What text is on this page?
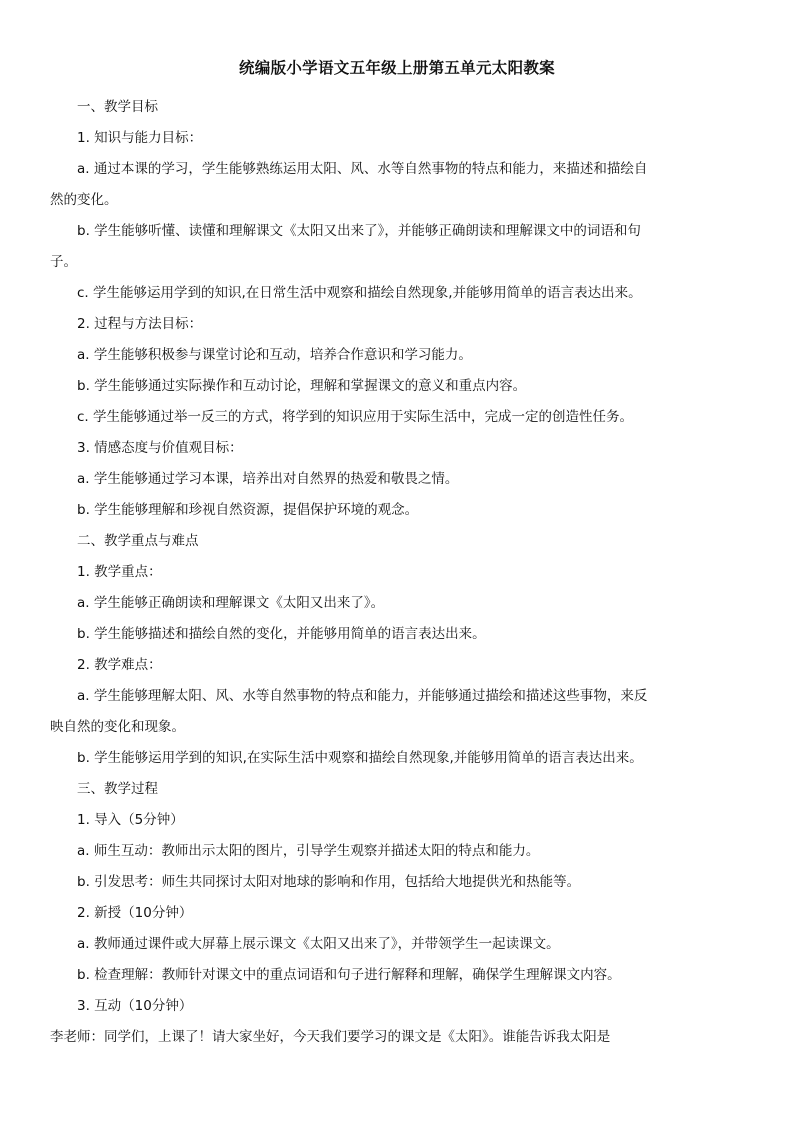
统编版小学语文五年级上册第五单元太阳教案
一、教学目标
1. 知识与能力目标：
a. 通过本课的学习，学生能够熟练运用太阳、风、水等自然事物的特点和能力，来描述和描绘自
然的变化。
b. 学生能够听懂、读懂和理解课文《太阳又出来了》，并能够正确朗读和理解课文中的词语和句
子。
c. 学生能够运用学到的知识,在日常生活中观察和描绘自然现象,并能够用简单的语言表达出来。
2. 过程与方法目标：
a. 学生能够积极参与课堂讨论和互动，培养合作意识和学习能力。
b. 学生能够通过实际操作和互动讨论，理解和掌握课文的意义和重点内容。
c. 学生能够通过举一反三的方式，将学到的知识应用于实际生活中，完成一定的创造性任务。
3. 情感态度与价值观目标：
a. 学生能够通过学习本课，培养出对自然界的热爱和敬畏之情。
b. 学生能够理解和珍视自然资源，提倡保护环境的观念。
二、教学重点与难点
1. 教学重点：
a. 学生能够正确朗读和理解课文《太阳又出来了》。
b. 学生能够描述和描绘自然的变化，并能够用简单的语言表达出来。
2. 教学难点：
a. 学生能够理解太阳、风、水等自然事物的特点和能力，并能够通过描绘和描述这些事物，来反
映自然的变化和现象。
b. 学生能够运用学到的知识,在实际生活中观察和描绘自然现象,并能够用简单的语言表达出来。
三、教学过程
1. 导入（5分钟）
a. 师生互动：教师出示太阳的图片，引导学生观察并描述太阳的特点和能力。
b. 引发思考：师生共同探讨太阳对地球的影响和作用，包括给大地提供光和热能等。
2. 新授（10分钟）
a. 教师通过课件或大屏幕上展示课文《太阳又出来了》，并带领学生一起读课文。
b. 检查理解：教师针对课文中的重点词语和句子进行解释和理解，确保学生理解课文内容。
3. 互动（10分钟）
李老师：同学们，上课了！请大家坐好，今天我们要学习的课文是《太阳》。谁能告诉我太阳是
